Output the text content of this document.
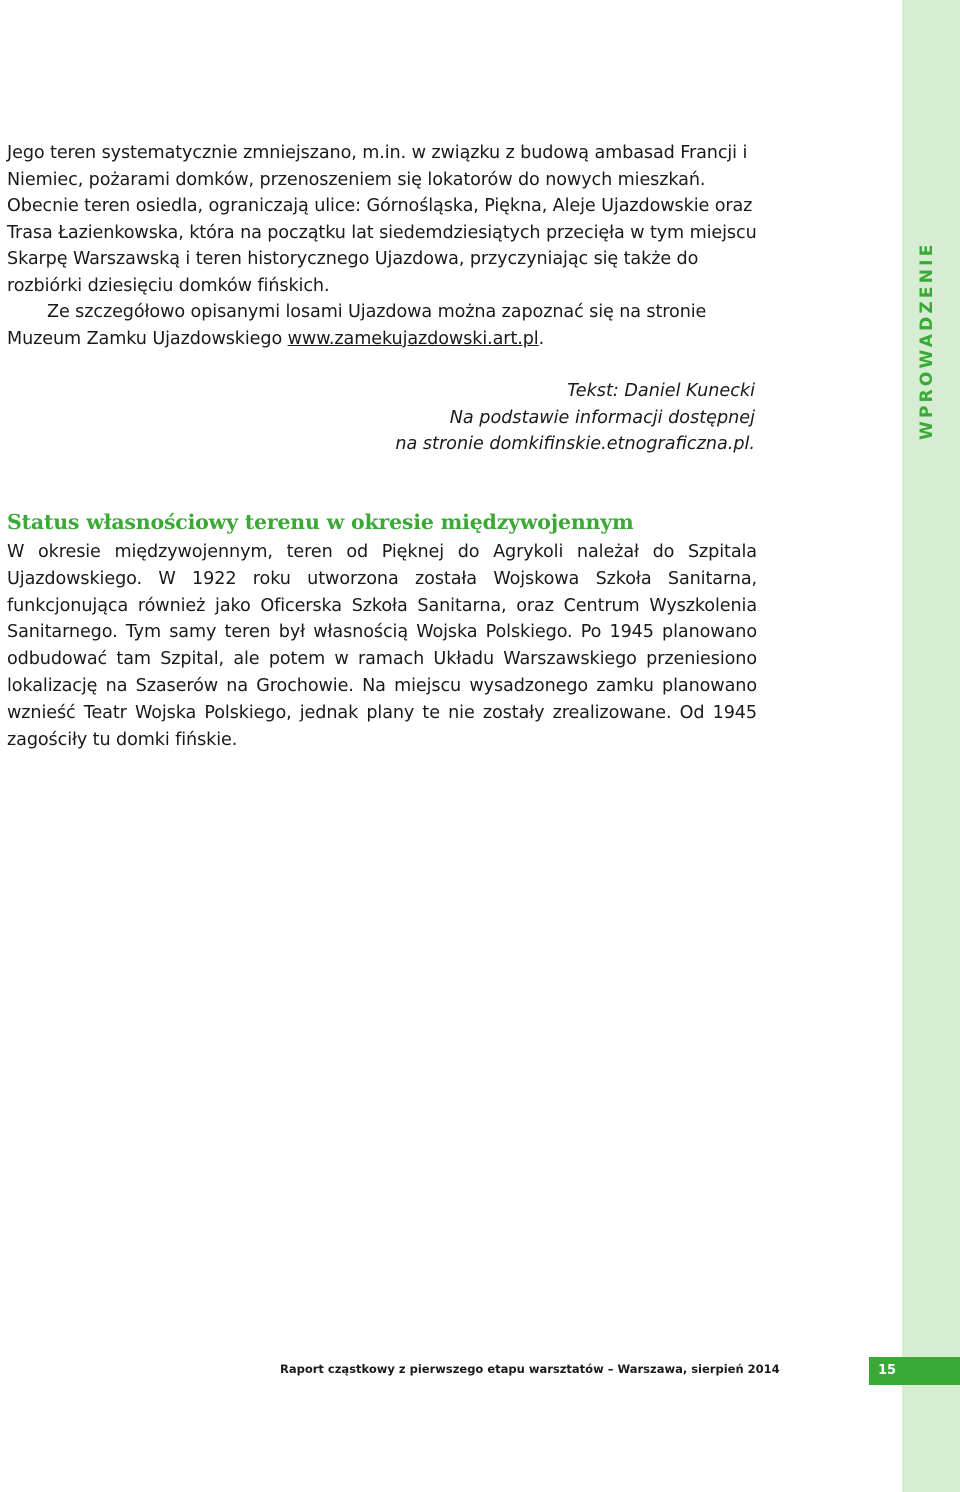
WPROWADZENIE

Jego teren systematycznie zmniejszano, m.in. w związku z budową ambasad Francji i Niemiec, pożarami domków, przenoszeniem się lokatorów do nowych mieszkań. Obecnie teren osiedla, ograniczają ulice: Górnośląska, Piękna, Aleje Ujazdowskie oraz Trasa Łazienkowska, która na początku lat siedemdziesiątych przecięła w tym miejscu Skarpę Warszawską i teren historycznego Ujazdowa, przyczyniając się także do rozbiórki dziesięciu domków fińskich.

Ze szczegółowo opisanymi losami Ujazdowa można zapoznać się na stronie Muzeum Zamku Ujazdowskiego www.zamekujazdowski.art.pl.

Tekst: Daniel Kunecki
Na podstawie informacji dostępnej
na stronie domkifinskie.etnograficzna.pl.
Status własnościowy terenu w okresie międzywojennym

W okresie międzywojennym, teren od Pięknej do Agrykoli należał do Szpitala Ujazdowskiego. W 1922 roku utworzona została Wojskowa Szkoła Sanitarna, funkcjonująca również jako Oficerska Szkoła Sanitarna, oraz Centrum Wyszkolenia Sanitarnego. Tym samy teren był własnością Wojska Polskiego. Po 1945 planowano odbudować tam Szpital, ale potem w ramach Układu Warszawskiego przeniesiono lokalizację na Szaserów na Grochowie. Na miejscu wysadzonego zamku planowano wznieść Teatr Wojska Polskiego, jednak plany te nie zostały zrealizowane. Od 1945 zagościły tu domki fińskie.

Raport cząstkowy z pierwszego etapu warsztatów – Warszawa, sierpień 2014	15
